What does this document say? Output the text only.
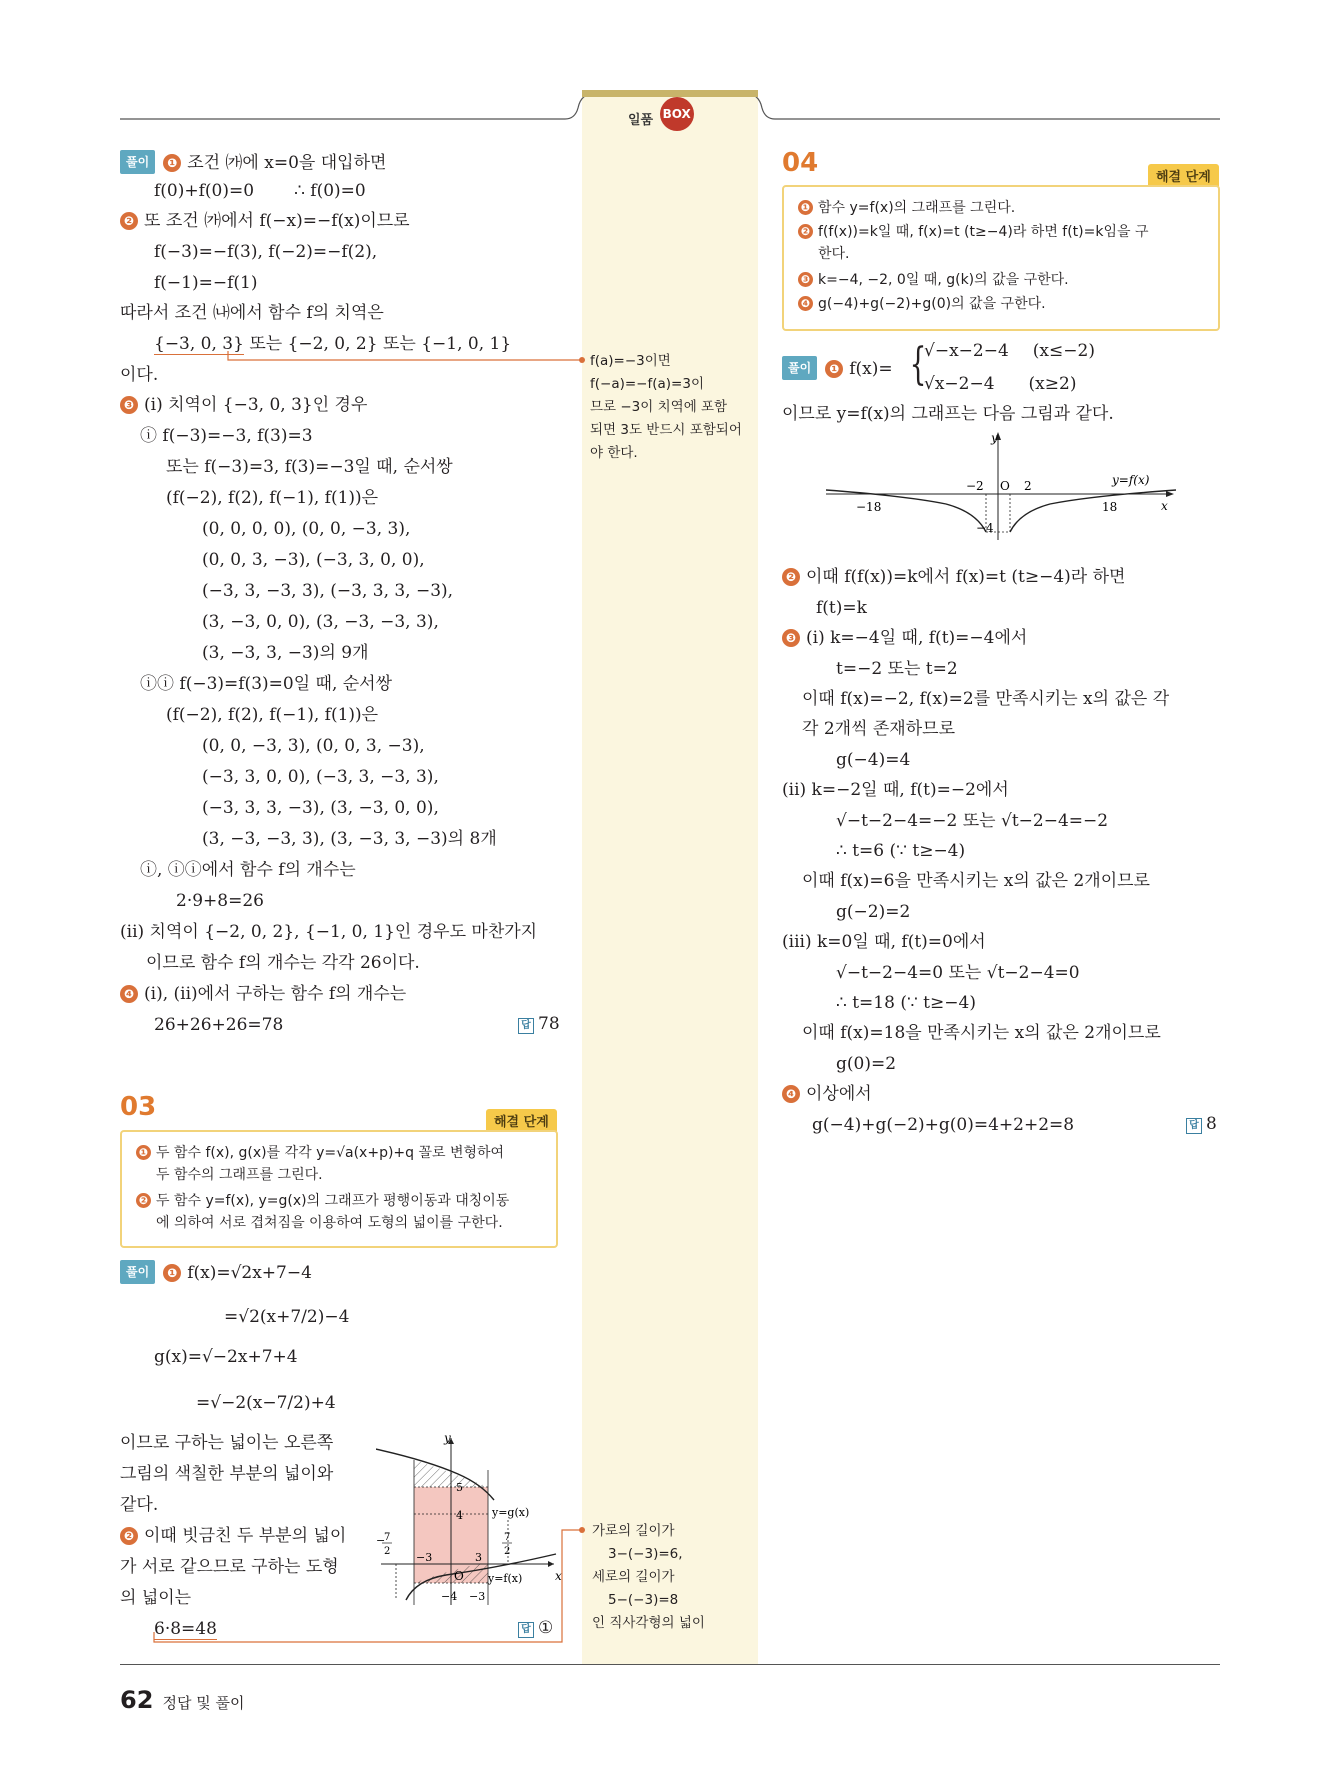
일품 BOX
풀이 ❶ 조건 ㈎에 x=0을 대입하면
f(0)+f(0)=0 ∴ f(0)=0
❷ 또 조건 ㈎에서 f(−x)=−f(x)이므로
f(−3)=−f(3), f(−2)=−f(2),
f(−1)=−f(1)
따라서 조건 ㈏에서 함수 f의 치역은
{−3, 0, 3} 또는 {−2, 0, 2} 또는 {−1, 0, 1}
이다.
❸ (i) 치역이 {−3, 0, 3}인 경우
ⓘ f(−3)=−3, f(3)=3
또는 f(−3)=3, f(3)=−3일 때, 순서쌍
(f(−2), f(2), f(−1), f(1))은
(0, 0, 0, 0), (0, 0, −3, 3),
(0, 0, 3, −3), (−3, 3, 0, 0),
(−3, 3, −3, 3), (−3, 3, 3, −3),
(3, −3, 0, 0), (3, −3, −3, 3),
(3, −3, 3, −3)의 9개
ⓘⓘ f(−3)=f(3)=0일 때, 순서쌍
(f(−2), f(2), f(−1), f(1))은
(0, 0, −3, 3), (0, 0, 3, −3),
(−3, 3, 0, 0), (−3, 3, −3, 3),
(−3, 3, 3, −3), (3, −3, 0, 0),
(3, −3, −3, 3), (3, −3, 3, −3)의 8개
ⓘ, ⓘⓘ에서 함수 f의 개수는
2·9+8=26
(ii) 치역이 {−2, 0, 2}, {−1, 0, 1}인 경우도 마찬가지
이므로 함수 f의 개수는 각각 26이다.
❹ (i), (ii)에서 구하는 함수 f의 개수는
26+26+26=78	답 78
f(a)=−3이면
f(−a)=−f(a)=3이
므로 −3이 치역에 포함
되면 3도 반드시 포함되어
야 한다.
가로의 길이가
3−(−3)=6,
세로의 길이가
5−(−3)=8
인 직사각형의 넓이
03
해결 단계
❶ 두 함수 f(x), g(x)를 각각 y=√a(x+p)+q 꼴로 변형하여
두 함수의 그래프를 그린다.
❷ 두 함수 y=f(x), y=g(x)의 그래프가 평행이동과 대칭이동
에 의하여 서로 겹쳐짐을 이용하여 도형의 넓이를 구한다.
풀이 ❶ f(x)=√2x+7−4
=√2(x+7/2)−4
g(x)=√−2x+7+4
=√−2(x−7/2)+4
이므로 구하는 넓이는 오른쪽
그림의 색칠한 부분의 넓이와
같다.
❷ 이때 빗금친 두 부분의 넓이
가 서로 같으므로 구하는 도형
의 넓이는
6·8=48	답 ①
y
x
O
5
4
−3	3
−4 −3
y=g(x)
y=f(x)
−
7
2
7
2
04	해결 단계
❶ 함수 y=f(x)의 그래프를 그린다.
❷ f(f(x))=k일 때, f(x)=t (t≥−4)라 하면 f(t)=k임을 구
한다.
❸ k=−4, −2, 0일 때, g(k)의 값을 구한다.
❹ g(−4)+g(−2)+g(0)의 값을 구한다.
풀이 ❶ f(x)= {
√−x−2−4 (x≤−2)
√x−2−4 (x≥2)
이므로 y=f(x)의 그래프는 다음 그림과 같다.
y
x
O
−2	2
−18	18
−4
y=f(x)
❷ 이때 f(f(x))=k에서 f(x)=t (t≥−4)라 하면
f(t)=k
❸ (i) k=−4일 때, f(t)=−4에서
t=−2 또는 t=2
이때 f(x)=−2, f(x)=2를 만족시키는 x의 값은 각
각 2개씩 존재하므로
g(−4)=4
(ii) k=−2일 때, f(t)=−2에서
√−t−2−4=−2 또는 √t−2−4=−2
∴ t=6 (∵ t≥−4)
이때 f(x)=6을 만족시키는 x의 값은 2개이므로
g(−2)=2
(iii) k=0일 때, f(t)=0에서
√−t−2−4=0 또는 √t−2−4=0
∴ t=18 (∵ t≥−4)
이때 f(x)=18을 만족시키는 x의 값은 2개이므로
g(0)=2
❹ 이상에서
g(−4)+g(−2)+g(0)=4+2+2=8	답 8
62 정답 및 풀이
